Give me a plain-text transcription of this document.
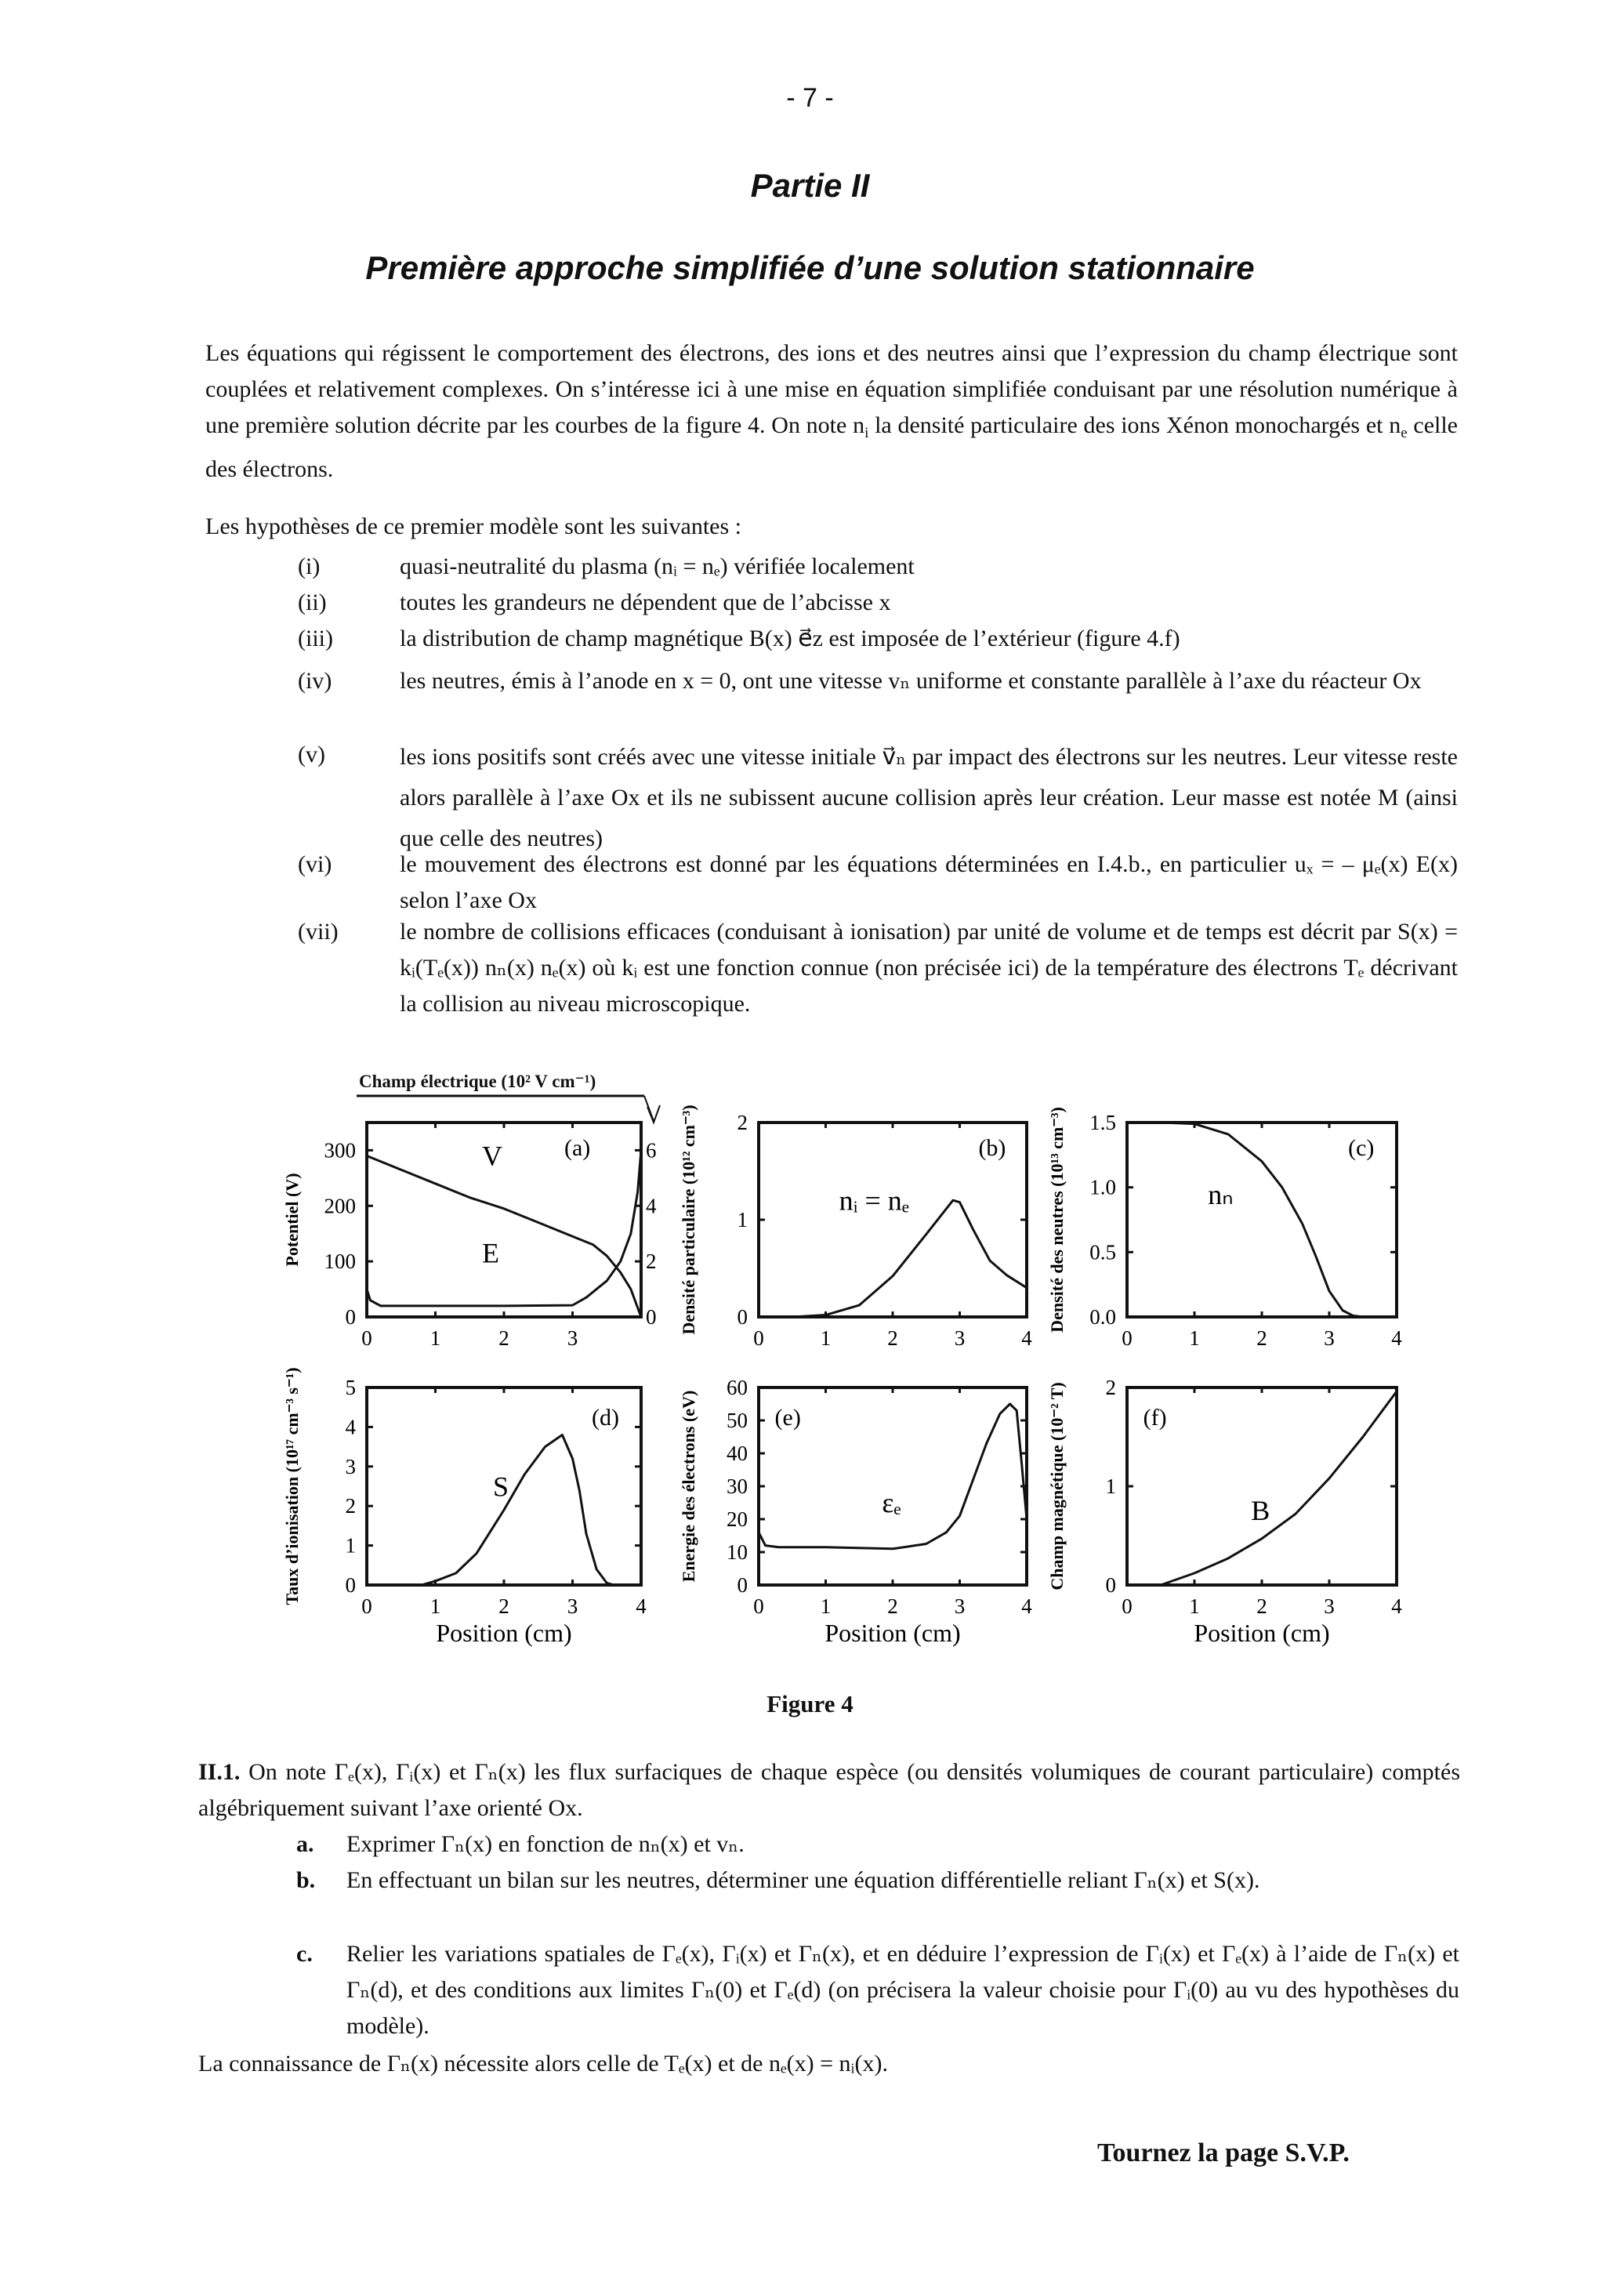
- 7 -
Partie II
Première approche simplifiée d’une solution stationnaire
Les équations qui régissent le comportement des électrons, des ions et des neutres ainsi que l’expression du champ électrique sont couplées et relativement complexes. On s’intéresse ici à une mise en équation simplifiée conduisant par une résolution numérique à une première solution décrite par les courbes de la figure 4. On note $n_i$ la densité particulaire des ions Xénon monochargés et $n_e$ celle des électrons.
Les hypothèses de ce premier modèle sont les suivantes :
(i)	quasi-neutralité du plasma (nᵢ = nₑ) vérifiée localement
(ii)	toutes les grandeurs ne dépendent que de l’abcisse x
(iii)	la distribution de champ magnétique B(x) e⃗z est imposée de l’extérieur (figure 4.f)
(iv)	les neutres, émis à l’anode en x = 0, ont une vitesse vₙ uniforme et constante parallèle à l’axe du réacteur Ox
(v)	les ions positifs sont créés avec une vitesse initiale v⃗ₙ par impact des électrons sur les neutres. Leur vitesse reste alors parallèle à l’axe Ox et ils ne subissent aucune collision après leur création. Leur masse est notée M (ainsi que celle des neutres)
(vi)	le mouvement des électrons est donné par les équations déterminées en I.4.b., en particulier uₓ = – μₑ(x) E(x) selon l’axe Ox
(vii)	le nombre de collisions efficaces (conduisant à ionisation) par unité de volume et de temps est décrit par S(x) = kᵢ(Tₑ(x)) nₙ(x) nₑ(x) où kᵢ est une fonction connue (non précisée ici) de la température des électrons Tₑ décrivant la collision au niveau microscopique.
0	1	2	3
0
100
200
300
0
2
4
6
Potentiel (V)
(a)
V
E
0	1	2	3	4
0
1
2
Densité particulaire (10¹² cm⁻³)	(b)
nᵢ = nₑ
0	1	2	3	4
0.0
0.5
1.0
1.5
Densité des neutres (10¹³ cm⁻³)	(c)
nₙ
0	1	2	3	4
0
1
2
3
4
5
Taux d’ionisation (10¹⁷ cm⁻³ s⁻¹)
Position (cm)
(d)
S
0	1	2	3	4
0
10
20
30
40
50
60
Energie des électrons (eV)
Position (cm)
(e)
εₑ
0	1	2	3	4
0
1
2
Champ magnétique (10⁻² T)
Position (cm)
(f)
B
Champ électrique (10² V cm⁻¹)
Figure 4
II.1. On note Γₑ(x), Γᵢ(x) et Γₙ(x) les flux surfaciques de chaque espèce (ou densités volumiques de courant particulaire) comptés algébriquement suivant l’axe orienté Ox.
a. Exprimer Γₙ(x) en fonction de nₙ(x) et vₙ.
b. En effectuant un bilan sur les neutres, déterminer une équation différentielle reliant Γₙ(x) et S(x).
c. Relier les variations spatiales de Γₑ(x), Γᵢ(x) et Γₙ(x), et en déduire l’expression de Γᵢ(x) et Γₑ(x) à l’aide de Γₙ(x) et Γₙ(d), et des conditions aux limites Γₙ(0) et Γₑ(d) (on précisera la valeur choisie pour Γᵢ(0) au vu des hypothèses du modèle).
La connaissance de Γₙ(x) nécessite alors celle de Tₑ(x) et de nₑ(x) = nᵢ(x).
Tournez la page S.V.P.
